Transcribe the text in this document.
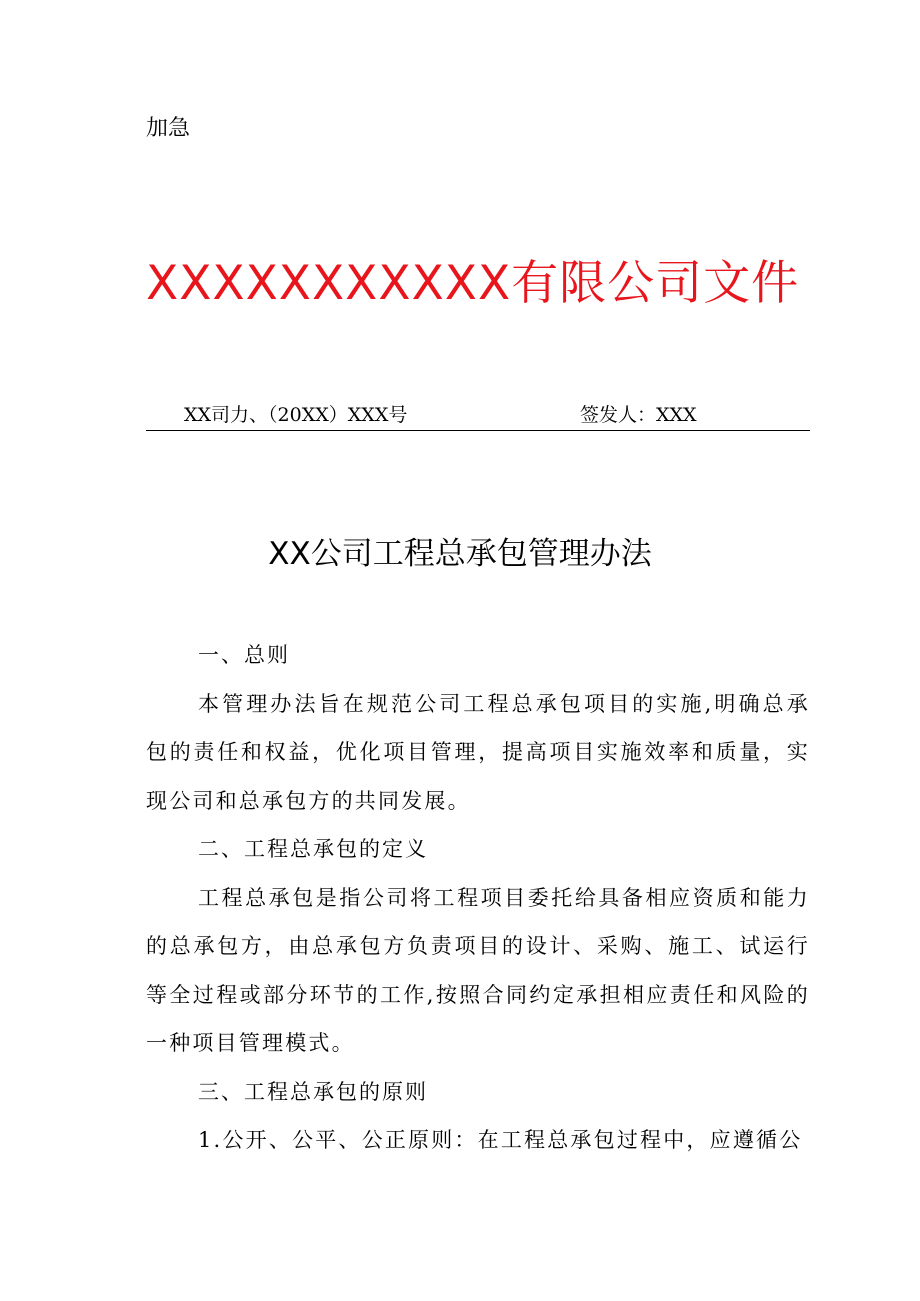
加急
XXXXXXXXXXX有限公司文件
XX司力、（20XX）XXX号	签发人：XXX
XX公司工程总承包管理办法

一、总则

本管理办法旨在规范公司工程总承包项目的实施,明确总承包的责任和权益，优化项目管理，提高项目实施效率和质量，实现公司和总承包方的共同发展。

二、工程总承包的定义

工程总承包是指公司将工程项目委托给具备相应资质和能力的总承包方，由总承包方负责项目的设计、采购、施工、试运行等全过程或部分环节的工作,按照合同约定承担相应责任和风险的一种项目管理模式。

三、工程总承包的原则

1.公开、公平、公正原则：在工程总承包过程中，应遵循公
